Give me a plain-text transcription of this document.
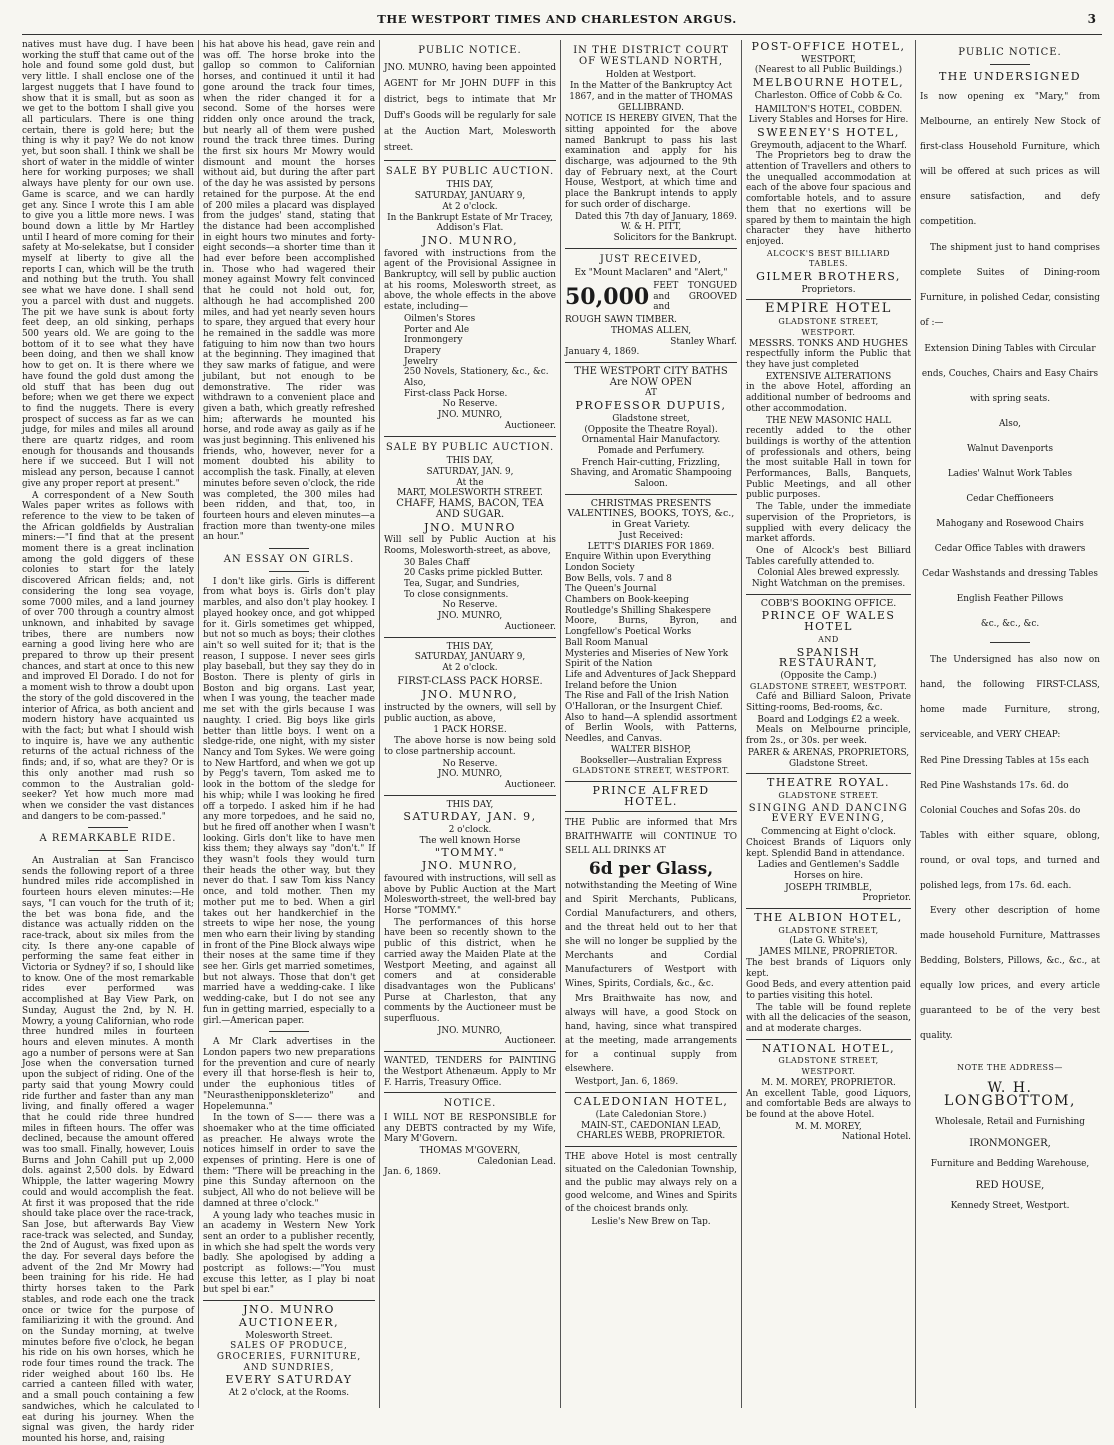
THE WESTPORT TIMES AND CHARLESTON ARGUS.	3

natives must have dug. I have been working the stuff that came out of the hole and found some gold dust, but very little. I shall enclose one of the largest nuggets that I have found to show that it is small, but as soon as we get to the bottom I shall give you all particulars. There is one thing certain, there is gold here; but the thing is why it pay? We do not know yet, but soon shall. I think we shall be short of water in the middle of winter here for working purposes; we shall always have plenty for our own use. Game is scarce, and we can hardly get any. Since I wrote this I am able to give you a little more news. I was bound down a little by Mr Hartley until I heard of more coming for their safety at Mo-selekatse, but I consider myself at liberty to give all the reports I can, which will be the truth and nothing but the truth. You shall see what we have done. I shall send you a parcel with dust and nuggets. The pit we have sunk is about forty feet deep, an old sinking, perhaps 500 years old. We are going to the bottom of it to see what they have been doing, and then we shall know how to get on. It is there where we have found the gold dust among the old stuff that has been dug out before; when we get there we expect to find the nuggets. There is every prospect of success as far as we can judge, for miles and miles all around there are quartz ridges, and room enough for thousands and thousands here if we succeed. But I will not mislead any person, because I cannot give any proper report at present."

A correspondent of a New South Wales paper writes as follows with reference to the view to be taken of the African goldfields by Australian miners:—"I find that at the present moment there is a great inclination among the gold diggers of these colonies to start for the lately discovered African fields; and, not considering the long sea voyage, some 7000 miles, and a land journey of over 700 through a country almost unknown, and inhabited by savage tribes, there are numbers now earning a good living here who are prepared to throw up their present chances, and start at once to this new and improved El Dorado. I do not for a moment wish to throw a doubt upon the story of the gold discovered in the interior of Africa, as both ancient and modern history have acquainted us with the fact; but what I should wish to inquire is, have we any authentic returns of the actual richness of the finds; and, if so, what are they? Or is this only another mad rush so common to the Australian gold-seeker? Yet how much more mad when we consider the vast distances and dangers to be com-passed."

A REMARKABLE RIDE.

An Australian at San Francisco sends the following report of a three hundred miles ride accomplished in fourteen hours eleven minutes:—He says, "I can vouch for the truth of it; the bet was bona fide, and the distance was actually ridden on the race-track, about six miles from the city. Is there any-one capable of performing the same feat either in Victoria or Sydney? if so, I should like to know. One of the most remarkable rides ever performed was accomplished at Bay View Park, on Sunday, August the 2nd, by N. H. Mowry, a young Californian, who rode three hundred miles in fourteen hours and eleven minutes. A month ago a number of persons were at San Jose when the conversation turned upon the subject of riding. One of the party said that young Mowry could ride further and faster than any man living, and finally offered a wager that he could ride three hundred miles in fifteen hours. The offer was declined, because the amount offered was too small. Finally, however, Louis Burns and John Cahill put up 2,000 dols. against 2,500 dols. by Edward Whipple, the latter wagering Mowry could and would accomplish the feat. At first it was proposed that the ride should take place over the race-track, San Jose, but afterwards Bay View race-track was selected, and Sunday, the 2nd of August, was fixed upon as the day. For several days before the advent of the 2nd Mr Mowry had been training for his ride. He had thirty horses taken to the Park stables, and rode each one the track once or twice for the purpose of familiarizing it with the ground. And on the Sunday morning, at twelve minutes before five o'clock, he began his ride on his own horses, which he rode four times round the track. The rider weighed about 160 lbs. He carried a canteen filled with water, and a small pouch containing a few sandwiches, which he calculated to eat during his journey. When the signal was given, the hardy rider mounted his horse, and, raising

his hat above his head, gave rein and was off. The horse broke into the gallop so common to Californian horses, and continued it until it had gone around the track four times, when the rider changed it for a second. Some of the horses were ridden only once around the track, but nearly all of them were pushed round the track three times. During the first six hours Mr Mowry would dismount and mount the horses without aid, but during the after part of the day he was assisted by persons retained for the purpose. At the end of 200 miles a placard was displayed from the judges' stand, stating that the distance had been accomplished in eight hours two minutes and forty-eight seconds—a shorter time than it had ever before been accomplished in. Those who had wagered their money against Mowry felt convinced that he could not hold out, for, although he had accomplished 200 miles, and had yet nearly seven hours to spare, they argued that every hour he remained in the saddle was more fatiguing to him now than two hours at the beginning. They imagined that they saw marks of fatigue, and were jubilant, but not enough to be demonstrative. The rider was withdrawn to a convenient place and given a bath, which greatly refreshed him; afterwards he mounted his horse, and rode away as gaily as if he was just beginning. This enlivened his friends, who, however, never for a moment doubted his ability to accomplish the task. Finally, at eleven minutes before seven o'clock, the ride was completed, the 300 miles had been ridden, and that, too, in fourteen hours and eleven minutes—a fraction more than twenty-one miles an hour."

AN ESSAY ON GIRLS.

I don't like girls. Girls is different from what boys is. Girls don't play marbles, and also don't play hookey. I played hookey once, and got whipped for it. Girls sometimes get whipped, but not so much as boys; their clothes ain't so well suited for it; that is the reason, I suppose. I never sees girls play baseball, but they say they do in Boston. There is plenty of girls in Boston and big organs. Last year, when I was young, the teacher made me set with the girls because I was naughty. I cried. Big boys like girls better than little boys. I went on a sledge-ride, one night, with my sister Nancy and Tom Sykes. We were going to New Hartford, and when we got up by Pegg's tavern, Tom asked me to look in the bottom of the sledge for his whip; while I was looking he fired off a torpedo. I asked him if he had any more torpedoes, and he said no, but he fired off another when I wasn't looking. Girls don't like to have men kiss them; they always say "don't." If they wasn't fools they would turn their heads the other way, but they never do that. I saw Tom kiss Nancy once, and told mother. Then my mother put me to bed. When a girl takes out her handkerchief in the streets to wipe her nose, the young men who earn their living by standing in front of the Pine Block always wipe their noses at the same time if they see her. Girls get married sometimes, but not always. Those that don't get married have a wedding-cake. I like wedding-cake, but I do not see any fun in getting married, especially to a girl.—American paper.

A Mr Clark advertises in the London papers two new preparations for the prevention and cure of nearly every ill that horse-flesh is heir to, under the euphonious titles of "Neurasthenipponskleterizo" and Hopelemunna."

In the town of S—— there was a shoemaker who at the time officiated as preacher. He always wrote the notices himself in order to save the expenses of printing. Here is one of them: "There will be preaching in the pine this Sunday afternoon on the subject, All who do not believe will be damned at three o'clock."

A young lady who teaches music in an academy in Western New York sent an order to a publisher recently, in which she had spelt the words very badly. She apologised by adding a postcript as follows:—"You must excuse this letter, as I play bi noat but spel bi ear."

JNO. MUNRO
AUCTIONEER,
Molesworth Street.
SALES OF PRODUCE, GROCERIES, FURNITURE, AND SUNDRIES,
EVERY SATURDAY
At 2 o'clock, at the Rooms.
PUBLIC NOTICE.

JNO. MUNRO, having been appointed AGENT for Mr JOHN DUFF in this district, begs to intimate that Mr Duff's Goods will be regularly for sale at the Auction Mart, Molesworth street.

SALE BY PUBLIC AUCTION.
THIS DAY,
SATURDAY, JANUARY 9,
At 2 o'clock.
In the Bankrupt Estate of Mr Tracey, Addison's Flat.
JNO. MUNRO,

favored with instructions from the agent of the Provisional Assignee in Bankruptcy, will sell by public auction at his rooms, Molesworth street, as above, the whole effects in the above estate, including—

Oilmen's Stores
Porter and Ale
Ironmongery
Drapery
Jewelry
250 Novels, Stationery, &c., &c.
Also,
First-class Pack Horse.
No Reserve.
JNO. MUNRO,
Auctioneer.
SALE BY PUBLIC AUCTION.
THIS DAY,
SATURDAY, JAN. 9,
At the
MART, MOLESWORTH STREET.
CHAFF, HAMS, BACON, TEA AND SUGAR.
JNO. MUNRO

Will sell by Public Auction at his Rooms, Molesworth-street, as above,

30 Bales Chaff
20 Casks prime pickled Butter.
Tea, Sugar, and Sundries,
To close consignments.
No Reserve.
JNO. MUNRO,
Auctioneer.
THIS DAY,
SATURDAY, JANUARY 9,
At 2 o'clock.
FIRST-CLASS PACK HORSE.
JNO. MUNRO,

instructed by the owners, will sell by public auction, as above,

1 PACK HORSE.

The above horse is now being sold to close partnership account.

No Reserve.
JNO. MUNRO,
Auctioneer.
THIS DAY,
SATURDAY, JAN. 9,
2 o'clock.
The well known Horse
"TOMMY."
JNO. MUNRO,

favoured with instructions, will sell as above by Public Auction at the Mart Molesworth-street, the well-bred bay Horse "TOMMY."

The performances of this horse have been so recently shown to the public of this district, when he carried away the Maiden Plate at the Westport Meeting, and against all comers and at considerable disadvantages won the Publicans' Purse at Charleston, that any comments by the Auctioneer must be superfluous.

JNO. MUNRO,
Auctioneer.

WANTED, TENDERS for PAINTING the Westport Athenæum. Apply to Mr F. Harris, Treasury Office.

NOTICE.

I WILL NOT BE RESPONSIBLE for any DEBTS contracted by my Wife, Mary M'Govern.

THOMAS M'GOVERN,
Caledonian Lead.
Jan. 6, 1869.
IN THE DISTRICT COURT OF WESTLAND NORTH,
Holden at Westport.

In the Matter of the Bankruptcy Act 1867, and in the matter of THOMAS GELLIBRAND.

NOTICE IS HEREBY GIVEN, That the sitting appointed for the above named Bankrupt to pass his last examination and apply for his discharge, was adjourned to the 9th day of February next, at the Court House, Westport, at which time and place the Bankrupt intends to apply for such order of discharge.

Dated this 7th day of January, 1869.
W. & H. PITT,
Solicitors for the Bankrupt.
JUST RECEIVED,
Ex "Mount Maclaren" and "Alert,"
50,000 FEET TONGUED and GROOVED and
ROUGH SAWN TIMBER.
THOMAS ALLEN,
Stanley Wharf.
January 4, 1869.
THE WESTPORT CITY BATHS Are NOW OPEN
AT
PROFESSOR DUPUIS,
Gladstone street,
(Opposite the Theatre Royal).

Ornamental Hair Manufactory. Pomade and Perfumery.

French Hair-cutting, Frizzling, Shaving, and Aromatic Shampooing Saloon.

CHRISTMAS PRESENTS VALENTINES, BOOKS, TOYS, &c., in Great Variety.
Just Received:
LETT'S DIARIES FOR 1869.
Enquire Within upon Everything
London Society
Bow Bells, vols. 7 and 8
The Queen's Journal
Chambers on Book-keeping
Routledge's Shilling Shakespere
Moore, Burns, Byron, and Longfellow's Poetical Works
Ball Room Manual
Mysteries and Miseries of New York
Spirit of the Nation
Life and Adventures of Jack Sheppard
Ireland before the Union
The Rise and Fall of the Irish Nation
O'Halloran, or the Insurgent Chief.
Also to hand—A splendid assortment of Berlin Wools, with Patterns, Needles, and Canvas.
WALTER BISHOP,
Bookseller—Australian Express
GLADSTONE STREET, WESTPORT.
PRINCE ALFRED HOTEL.

THE Public are informed that Mrs BRAITHWAITE will CONTINUE TO SELL ALL DRINKS AT

6d per Glass,

notwithstanding the Meeting of Wine and Spirit Merchants, Publicans, Cordial Manufacturers, and others, and the threat held out to her that she will no longer be supplied by the Merchants and Cordial Manufacturers of Westport with Wines, Spirits, Cordials, &c., &c.

Mrs Braithwaite has now, and always will have, a good Stock on hand, having, since what transpired at the meeting, made arrangements for a continual supply from elsewhere.

Westport, Jan. 6, 1869.
CALEDONIAN HOTEL,
(Late Caledonian Store.)
MAIN-ST., CAEDONIAN LEAD,
CHARLES WEBB, PROPRIETOR.

THE above Hotel is most centrally situated on the Caledonian Township, and the public may always rely on a good welcome, and Wines and Spirits of the choicest brands only.

Leslie's New Brew on Tap.
POST-OFFICE HOTEL,
WESTPORT,
(Nearest to all Public Buildings.)
MELBOURNE HOTEL,
Charleston. Office of Cobb & Co.
HAMILTON'S HOTEL, COBDEN.
Livery Stables and Horses for Hire.
SWEENEY'S HOTEL,
Greymouth, adjacent to the Wharf.

The Proprietors beg to draw the attention of Travellers and others to the unequalled accommodation at each of the above four spacious and comfortable hotels, and to assure them that no exertions will be spared by them to maintain the high character they have hitherto enjoyed.

ALCOCK'S BEST BILLIARD TABLES.
GILMER BROTHERS,
Proprietors.
EMPIRE HOTEL
GLADSTONE STREET,
WESTPORT.
MESSRS. TONKS AND HUGHES

respectfully inform the Public that they have just completed

EXTENSIVE ALTERATIONS

in the above Hotel, affording an additional number of bedrooms and other accommodation.

THE NEW MASONIC HALL

recently added to the other buildings is worthy of the attention of professionals and others, being the most suitable Hall in town for Performances, Balls, Banquets, Public Meetings, and all other public purposes.

The Table, under the immediate supervision of the Proprietors, is supplied with every delicacy the market affords.

One of Alcock's best Billiard Tables carefully attended to.

Colonial Ales brewed expressly.
Night Watchman on the premises.
COBB'S BOOKING OFFICE.
PRINCE OF WALES HOTEL
AND
SPANISH RESTAURANT,
(Opposite the Camp.)
GLADSTONE STREET, WESTPORT.

Café and Billiard Saloon, Private Sitting-rooms, Bed-rooms, &c.

Board and Lodgings £2 a week.

Meals on Melbourne principle, from 2s., or 30s. per week.

PARER & ARENAS, PROPRIETORS,
Gladstone Street.
THEATRE ROYAL.
GLADSTONE STREET.
SINGING AND DANCING EVERY EVENING,
Commencing at Eight o'clock.

Choicest Brands of Liquors only kept. Splendid Band in attendance.

Ladies and Gentlemen's Saddle Horses on hire.

JOSEPH TRIMBLE,
Proprietor.
THE ALBION HOTEL,
GLADSTONE STREET,
(Late G. White's),
JAMES MILNE, PROPRIETOR.

The best brands of Liquors only kept.

Good Beds, and every attention paid to parties visiting this hotel.

The table will be found replete with all the delicacies of the season, and at moderate charges.

NATIONAL HOTEL,
GLADSTONE STREET,
WESTPORT.
M. M. MOREY, PROPRIETOR.

An excellent Table, good Liquors, and comfortable Beds are always to be found at the above Hotel.

M. M. MOREY,
National Hotel.
PUBLIC NOTICE.
THE UNDERSIGNED

Is now opening ex "Mary," from Melbourne, an entirely New Stock of first-class Household Furniture, which will be offered at such prices as will ensure satisfaction, and defy competition.

The shipment just to hand comprises complete Suites of Dining-room Furniture, in polished Cedar, consisting of :—

Extension Dining Tables with Circular ends, Couches, Chairs and Easy Chairs with spring seats.
Also,
Walnut Davenports
Ladies' Walnut Work Tables
Cedar Cheffioneers
Mahogany and Rosewood Chairs
Cedar Office Tables with drawers
Cedar Washstands and dressing Tables
English Feather Pillows
&c., &c., &c.

The Undersigned has also now on hand, the following FIRST-CLASS, home made Furniture, strong, serviceable, and VERY CHEAP:

Red Pine Dressing Tables at 15s each
Red Pine Washstands 17s. 6d. do
Colonial Couches and Sofas 20s. do
Tables with either square, oblong, round, or oval tops, and turned and polished legs, from 17s. 6d. each.

Every other description of home made household Furniture, Mattrasses Bedding, Bolsters, Pillows, &c., &c., at equally low prices, and every article guaranteed to be of the very best quality.

NOTE THE ADDRESS—
W. H. LONGBOTTOM,
Wholesale, Retail and Furnishing
IRONMONGER,
Furniture and Bedding Warehouse,
RED HOUSE,
Kennedy Street, Westport.
